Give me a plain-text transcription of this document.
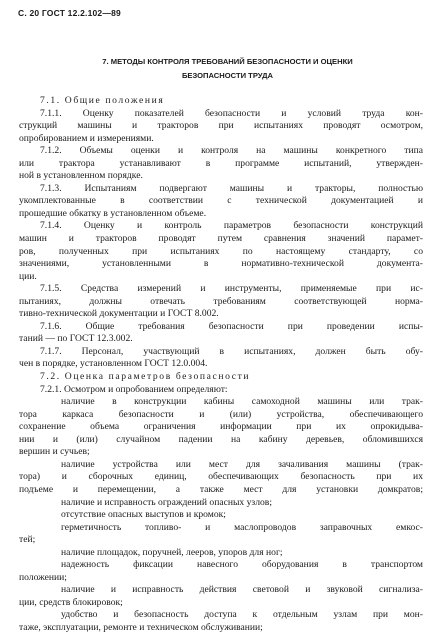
С. 20 ГОСТ 12.2.102—89
7. МЕТОДЫ КОНТРОЛЯ ТРЕБОВАНИЙ БЕЗОПАСНОСТИ И ОЦЕНКИ
БЕЗОПАСНОСТИ ТРУДА
7.1. Общие положения
7.1.1. Оценку показателей безопасности и условий труда кон-
струкций машины и тракторов при испытаниях проводят осмотром,
опробированием и измерениями.
7.1.2. Объемы оценки и контроля на машины конкретного типа
или трактора устанавливают в программе испытаний, утвержден-
ной в установленном порядке.
7.1.3. Испытаниям подвергают машины и тракторы, полностью
укомплектованные в соответствии с технической документацией и
прошедшие обкатку в установленном объеме.
7.1.4. Оценку и контроль параметров безопасности конструкций
машин и тракторов проводят путем сравнения значений парамет-
ров, полученных при испытаниях по настоящему стандарту, со
значениями, установленными в нормативно-технической документа-
ции.
7.1.5. Средства измерений и инструменты, применяемые при ис-
пытаниях, должны отвечать требованиям соответствующей норма-
тивно-технической документации и ГОСТ 8.002.
7.1.6. Общие требования безопасности при проведении испы-
таний — по ГОСТ 12.3.002.
7.1.7. Персонал, участвующий в испытаниях, должен быть обу-
чен в порядке, установленном ГОСТ 12.0.004.
7.2. Оценка параметров безопасности
7.2.1. Осмотром и опробованием определяют:
наличие в конструкции кабины самоходной машины или трак-
тора каркаса безопасности и (или) устройства, обеспечивающего
сохранение объема ограничения информации при их опрокидыва-
нии и (или) случайном падении на кабину деревьев, обломившихся
вершин и сучьев;
наличие устройства или мест для зачаливания машины (трак-
тора) и сборочных единиц, обеспечивающих безопасность при их
подъеме и перемещении, а также мест для установки домкратов;
наличие и исправность ограждений опасных узлов;
отсутствие опасных выступов и кромок;
герметичность топливо- и маслопроводов заправочных емкос-
тей;
наличие площадок, поручней, лееров, упоров для ног;
надежность фиксации навесного оборудования в транспортом
положении;
наличие и исправность действия световой и звуковой сигнализа-
ции, средств блокировок;
удобство и безопасность доступа к отдельным узлам при мон-
таже, эксплуатации, ремонте и техническом обслуживании;
